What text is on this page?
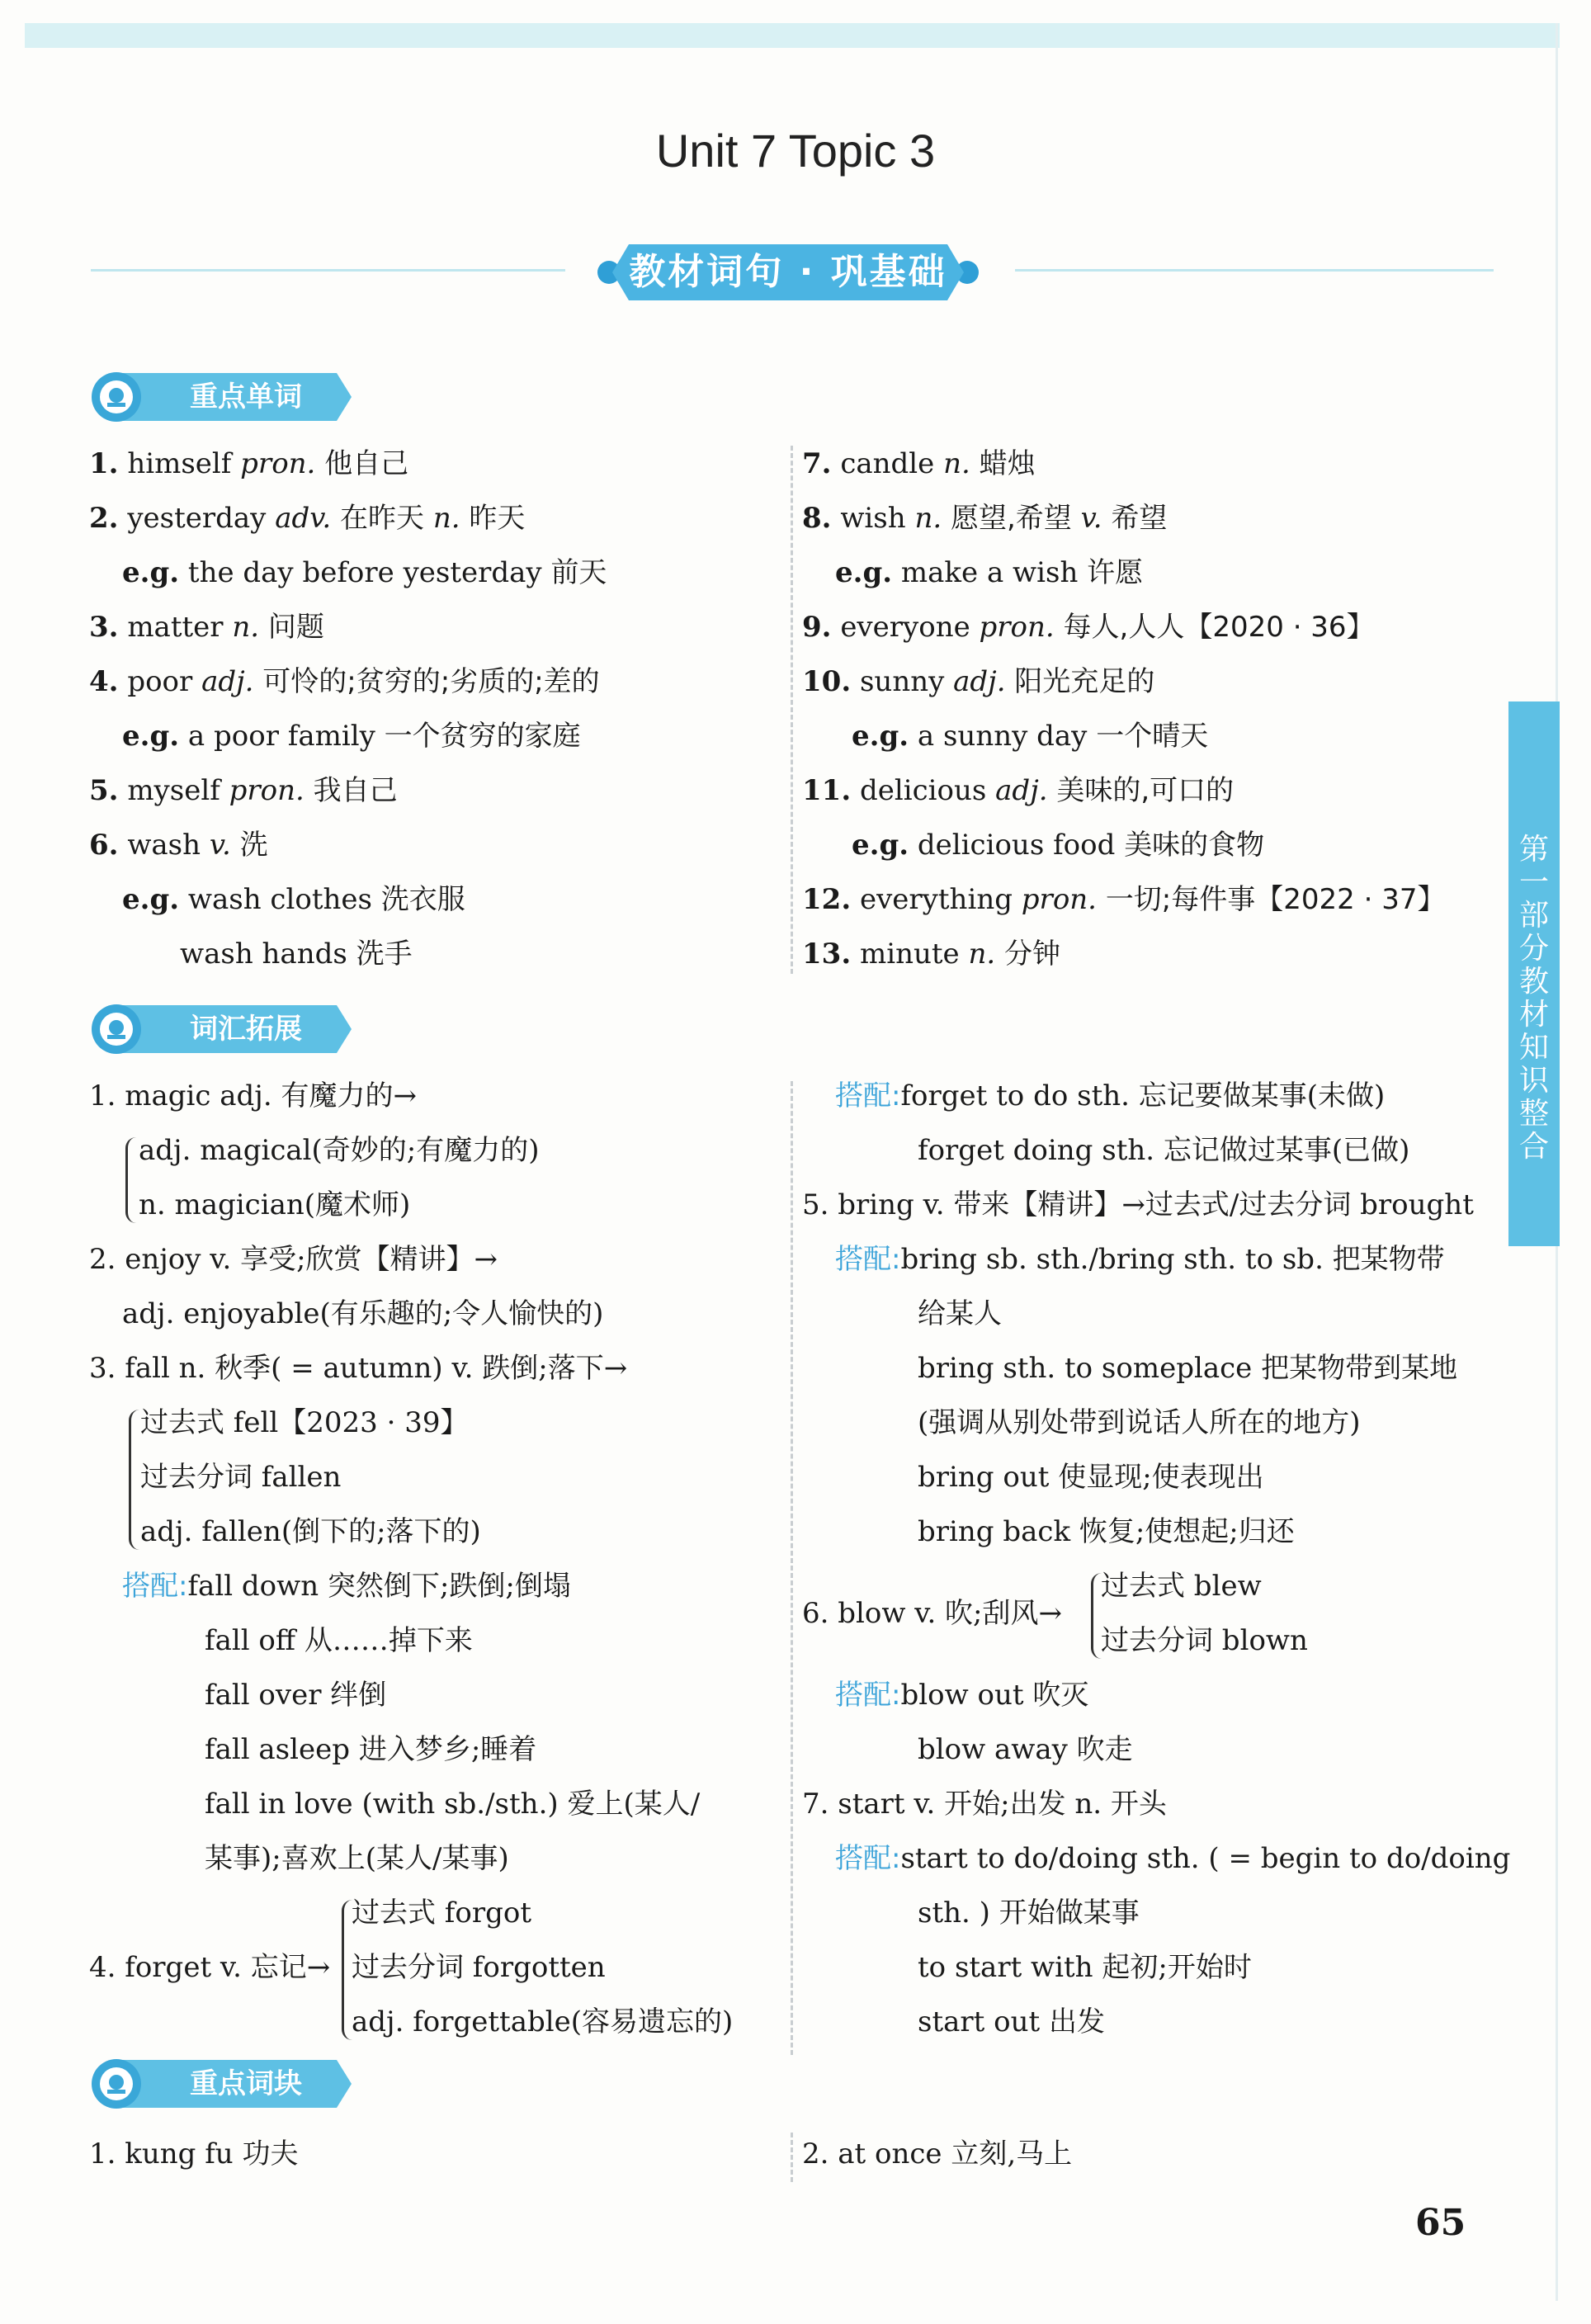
Unit 7 Topic 3
教材词句 · 巩基础
重点单词
1. himself pron. 他自己
2. yesterday adv. 在昨天 n. 昨天
e.g. the day before yesterday 前天
3. matter n. 问题
4. poor adj. 可怜的;贫穷的;劣质的;差的
e.g. a poor family 一个贫穷的家庭
5. myself pron. 我自己
6. wash v. 洗
e.g. wash clothes 洗衣服
wash hands 洗手
7. candle n. 蜡烛
8. wish n. 愿望,希望 v. 希望
e.g. make a wish 许愿
9. everyone pron. 每人,人人【2020 · 36】
10. sunny adj. 阳光充足的
e.g. a sunny day 一个晴天
11. delicious adj. 美味的,可口的
e.g. delicious food 美味的食物
12. everything pron. 一切;每件事【2022 · 37】
13. minute n. 分钟
词汇拓展
1. magic adj. 有魔力的→
adj. magical(奇妙的;有魔力的)
n. magician(魔术师)
2. enjoy v. 享受;欣赏【精讲】→
adj. enjoyable(有乐趣的;令人愉快的)
3. fall n. 秋季( = autumn) v. 跌倒;落下→
过去式 fell【2023 · 39】
过去分词 fallen
adj. fallen(倒下的;落下的)
搭配:fall down 突然倒下;跌倒;倒塌
fall off 从……掉下来
fall over 绊倒
fall asleep 进入梦乡;睡着
fall in love (with sb./sth.) 爱上(某人/
某事);喜欢上(某人/某事)
过去式 forgot
4. forget v. 忘记→ 过去分词 forgotten
adj. forgettable(容易遗忘的)
搭配:forget to do sth. 忘记要做某事(未做)
forget doing sth. 忘记做过某事(已做)
5. bring v. 带来【精讲】→过去式/过去分词 brought
搭配:bring sb. sth./bring sth. to sb. 把某物带
给某人
bring sth. to someplace 把某物带到某地
(强调从别处带到说话人所在的地方)
bring out 使显现;使表现出
bring back 恢复;使想起;归还
过去式 blew
6. blow v. 吹;刮风→
过去分词 blown
搭配:blow out 吹灭
blow away 吹走
7. start v. 开始;出发 n. 开头
搭配:start to do/doing sth. ( = begin to do/doing
sth. ) 开始做某事
to start with 起初;开始时
start out 出发
重点词块
1. kung fu 功夫	2. at once 立刻,马上
第一部分 教材知识整合
65
